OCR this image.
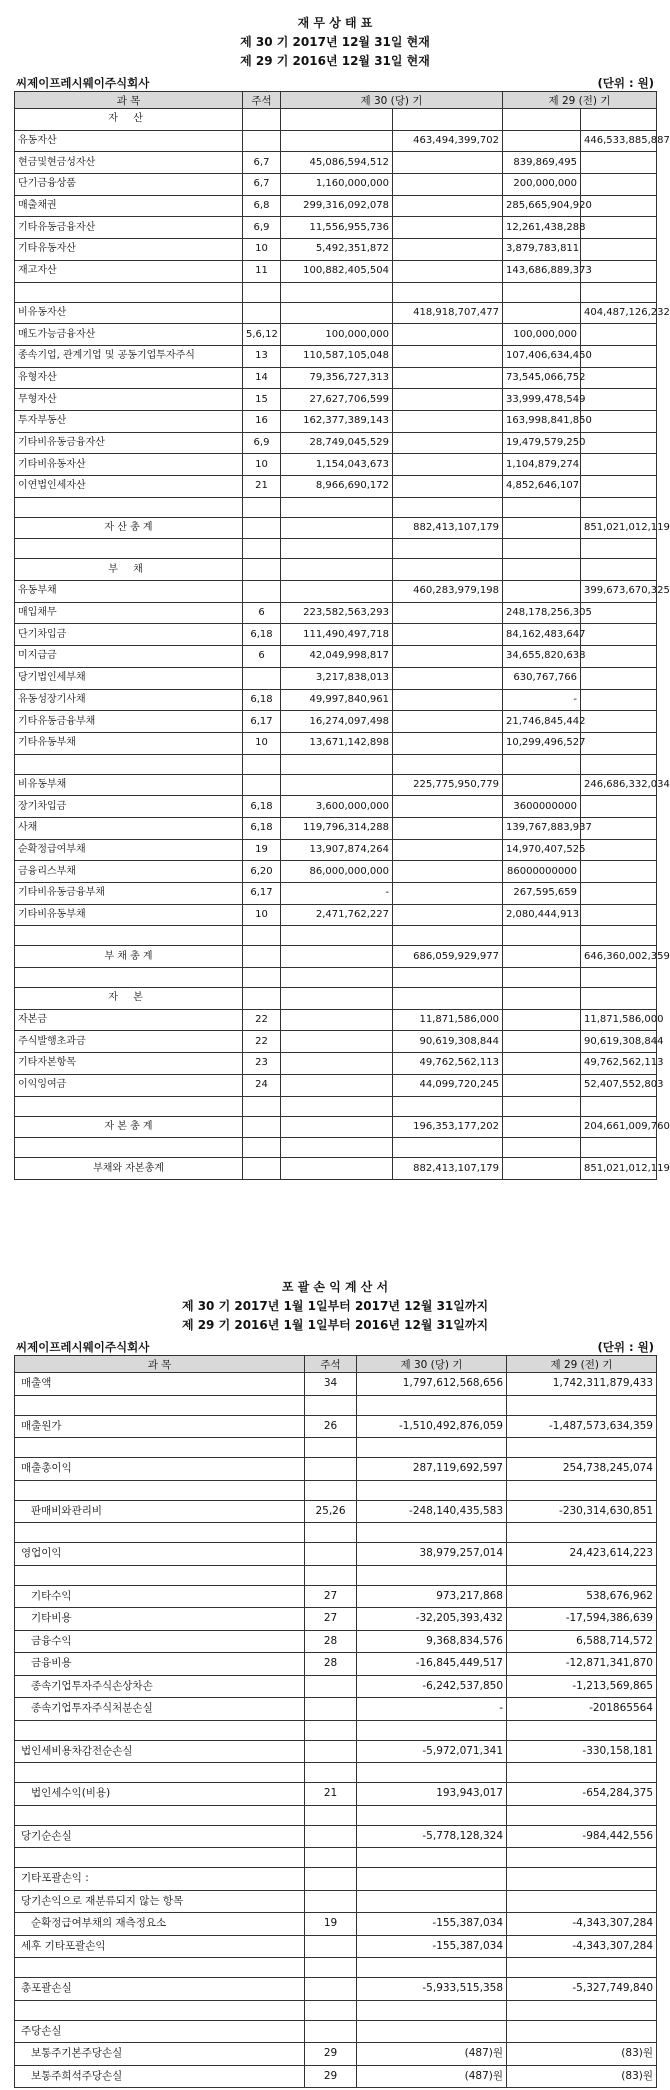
재 무 상 태 표
제 30 기 2017년 12월 31일 현재
제 29 기 2016년 12월 31일 현재
씨제이프레시웨이주식회사	(단위 : 원)
과 목	주석	제 30 (당) 기		제 29 (전) 기	
자 산					
유동자산			463,494,399,702		446,533,885,887
현금및현금성자산	6,7	45,086,594,512		839,869,495	
단기금융상품	6,7	1,160,000,000		200,000,000	
매출채권	6,8	299,316,092,078		285,665,904,920	
기타유동금융자산	6,9	11,556,955,736		12,261,438,288	
기타유동자산	10	5,492,351,872		3,879,783,811	
재고자산	11	100,882,405,504		143,686,889,373	

비유동자산			418,918,707,477		404,487,126,232
매도가능금융자산	5,6,12	100,000,000		100,000,000	
종속기업, 관계기업 및 공동기업투자주식	13	110,587,105,048		107,406,634,450	
유형자산	14	79,356,727,313		73,545,066,752	
무형자산	15	27,627,706,599		33,999,478,549	
투자부동산	16	162,377,389,143		163,998,841,850	
기타비유동금융자산	6,9	28,749,045,529		19,479,579,250	
기타비유동자산	10	1,154,043,673		1,104,879,274	
이연법인세자산	21	8,966,690,172		4,852,646,107	

자 산 총 계			882,413,107,179		851,021,012,119

부 채					
유동부채			460,283,979,198		399,673,670,325
매입채무	6	223,582,563,293		248,178,256,305	
단기차입금	6,18	111,490,497,718		84,162,483,647	
미지급금	6	42,049,998,817		34,655,820,638	
당기법인세부채		3,217,838,013		630,767,766	
유동성장기사채	6,18	49,997,840,961		-	
기타유동금융부채	6,17	16,274,097,498		21,746,845,442	
기타유동부채	10	13,671,142,898		10,299,496,527	

비유동부채			225,775,950,779		246,686,332,034
장기차입금	6,18	3,600,000,000		3600000000	
사채	6,18	119,796,314,288		139,767,883,937	
순확정급여부채	19	13,907,874,264		14,970,407,525	
금융리스부채	6,20	86,000,000,000		86000000000	
기타비유동금융부채	6,17	-		267,595,659	
기타비유동부채	10	2,471,762,227		2,080,444,913	

부 채 총 계			686,059,929,977		646,360,002,359

자 본					
자본금	22		11,871,586,000		11,871,586,000
주식발행초과금	22		90,619,308,844		90,619,308,844
기타자본항목	23		49,762,562,113		49,762,562,113
이익잉여금	24		44,099,720,245		52,407,552,803

자 본 총 계			196,353,177,202		204,661,009,760

부채와 자본총계			882,413,107,179		851,021,012,119
포 괄 손 익 계 산 서
제 30 기 2017년 1월 1일부터 2017년 12월 31일까지
제 29 기 2016년 1월 1일부터 2016년 12월 31일까지
씨제이프레시웨이주식회사	(단위 : 원)
과 목	주석	제 30 (당) 기	제 29 (전) 기
매출액	34	1,797,612,568,656	1,742,311,879,433

매출원가	26	-1,510,492,876,059	-1,487,573,634,359

매출총이익		287,119,692,597	254,738,245,074

판매비와관리비	25,26	-248,140,435,583	-230,314,630,851

영업이익		38,979,257,014	24,423,614,223

기타수익	27	973,217,868	538,676,962
기타비용	27	-32,205,393,432	-17,594,386,639
금융수익	28	9,368,834,576	6,588,714,572
금융비용	28	-16,845,449,517	-12,871,341,870
종속기업투자주식손상차손		-6,242,537,850	-1,213,569,865
종속기업투자주식처분손실		-	-201865564

법인세비용차감전순손실		-5,972,071,341	-330,158,181

법인세수익(비용)	21	193,943,017	-654,284,375

당기순손실		-5,778,128,324	-984,442,556

기타포괄손익 :			
당기손익으로 재분류되지 않는 항목			
순확정급여부채의 재측정요소	19	-155,387,034	-4,343,307,284
세후 기타포괄손익		-155,387,034	-4,343,307,284

총포괄손실		-5,933,515,358	-5,327,749,840

주당손실			
보통주기본주당손실	29	(487)원	(83)원
보통주희석주당손실	29	(487)원	(83)원
